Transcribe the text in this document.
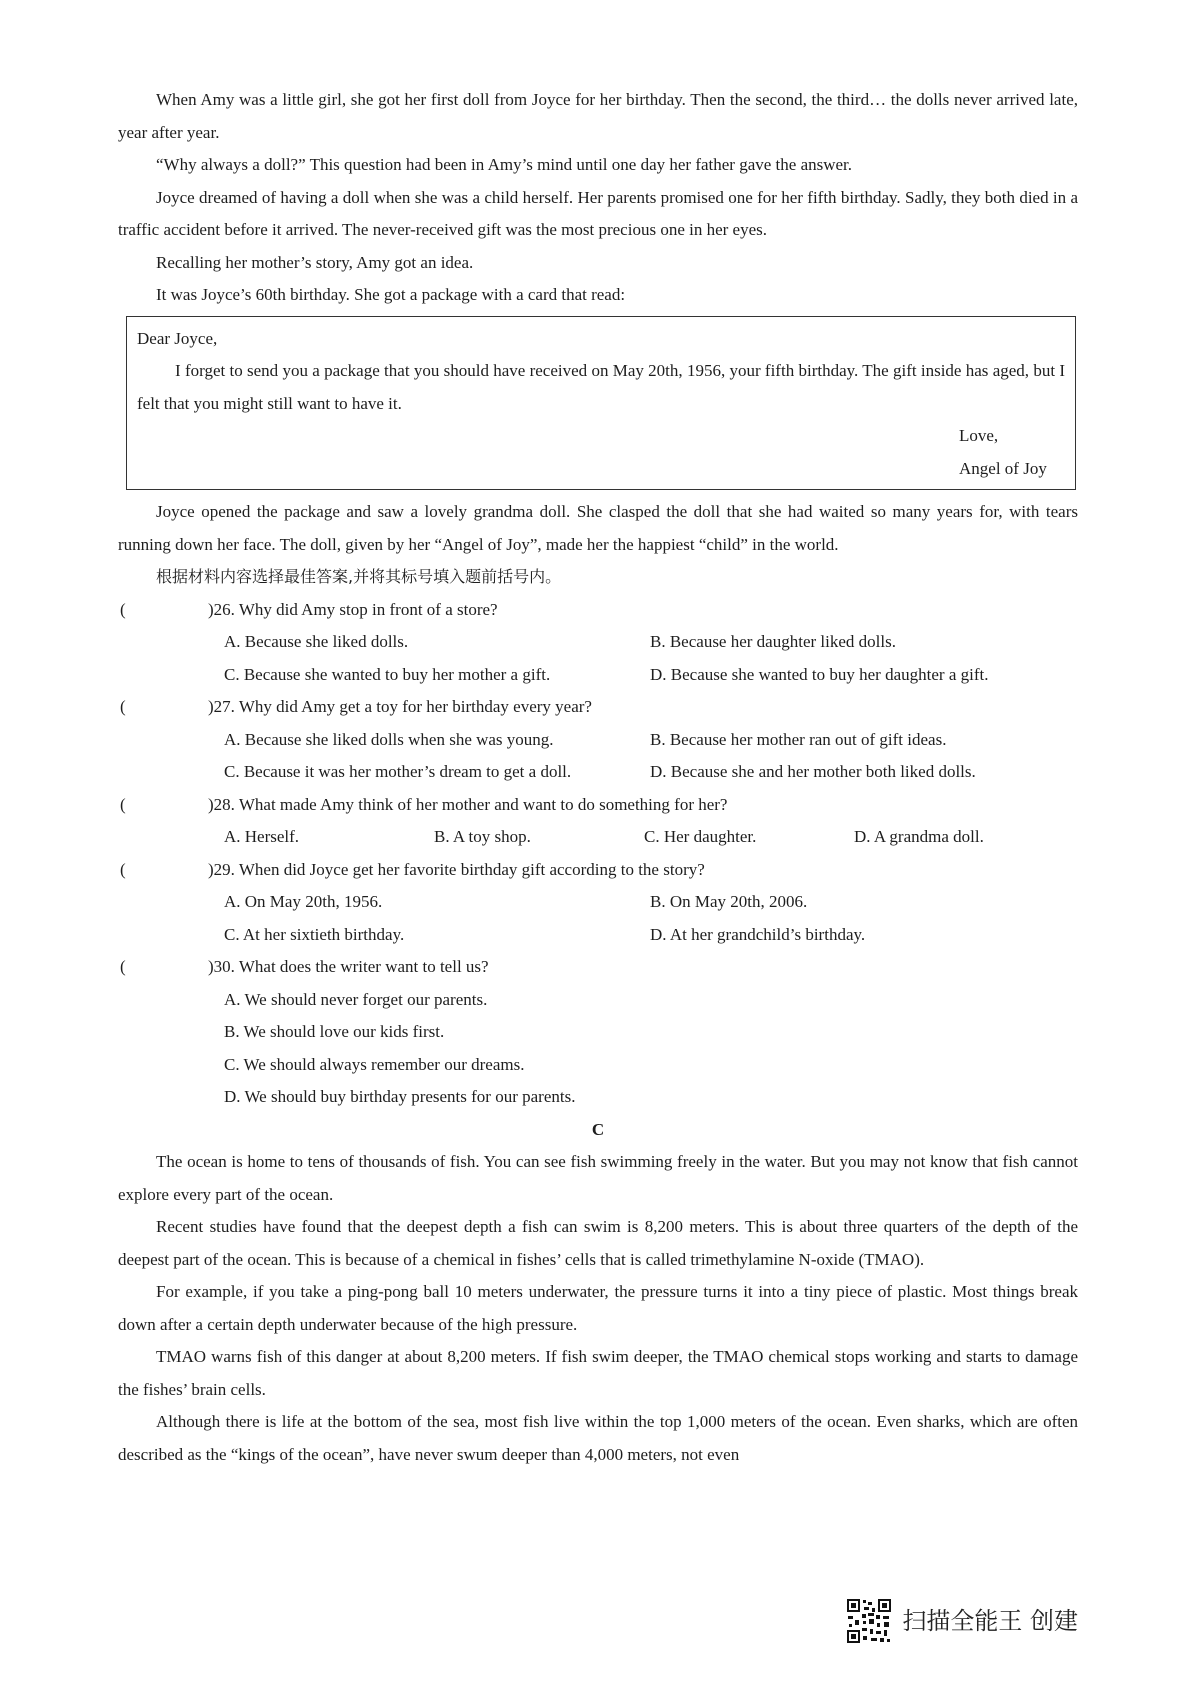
When Amy was a little girl, she got her first doll from Joyce for her birthday. Then the second, the third… the dolls never arrived late, year after year.

“Why always a doll?” This question had been in Amy’s mind until one day her father gave the answer.

Joyce dreamed of having a doll when she was a child herself. Her parents promised one for her fifth birthday. Sadly, they both died in a traffic accident before it arrived. The never-received gift was the most precious one in her eyes.

Recalling her mother’s story, Amy got an idea.

It was Joyce’s 60th birthday. She got a package with a card that read:

Dear Joyce,

I forget to send you a package that you should have received on May 20th, 1956, your fifth birthday. The gift inside has aged, but I felt that you might still want to have it.

Love,

Angel of Joy

Joyce opened the package and saw a lovely grandma doll. She clasped the doll that she had waited so many years for, with tears running down her face. The doll, given by her “Angel of Joy”, made her the happiest “child” in the world.

根据材料内容选择最佳答案,并将其标号填入题前括号内。

(	)26. Why did Amy stop in front of a store?
A. Because she liked dolls.	B. Because her daughter liked dolls.
C. Because she wanted to buy her mother a gift.	D. Because she wanted to buy her daughter a gift.
(	)27. Why did Amy get a toy for her birthday every year?
A. Because she liked dolls when she was young.	B. Because her mother ran out of gift ideas.
C. Because it was her mother’s dream to get a doll.	D. Because she and her mother both liked dolls.
(	)28. What made Amy think of her mother and want to do something for her?
A. Herself.	B. A toy shop.	C. Her daughter.	D. A grandma doll.
(	)29. When did Joyce get her favorite birthday gift according to the story?
A. On May 20th, 1956.	B. On May 20th, 2006.
C. At her sixtieth birthday.	D. At her grandchild’s birthday.
(	)30. What does the writer want to tell us?
A. We should never forget our parents.
B. We should love our kids first.
C. We should always remember our dreams.
D. We should buy birthday presents for our parents.

C

The ocean is home to tens of thousands of fish. You can see fish swimming freely in the water. But you may not know that fish cannot explore every part of the ocean.

Recent studies have found that the deepest depth a fish can swim is 8,200 meters. This is about three quarters of the depth of the deepest part of the ocean. This is because of a chemical in fishes’ cells that is called trimethylamine N-oxide (TMAO).

For example, if you take a ping-pong ball 10 meters underwater, the pressure turns it into a tiny piece of plastic. Most things break down after a certain depth underwater because of the high pressure.

TMAO warns fish of this danger at about 8,200 meters. If fish swim deeper, the TMAO chemical stops working and starts to damage the fishes’ brain cells.

Although there is life at the bottom of the sea, most fish live within the top 1,000 meters of the ocean. Even sharks, which are often described as the “kings of the ocean”, have never swum deeper than 4,000 meters, not even

扫描全能王 创建
